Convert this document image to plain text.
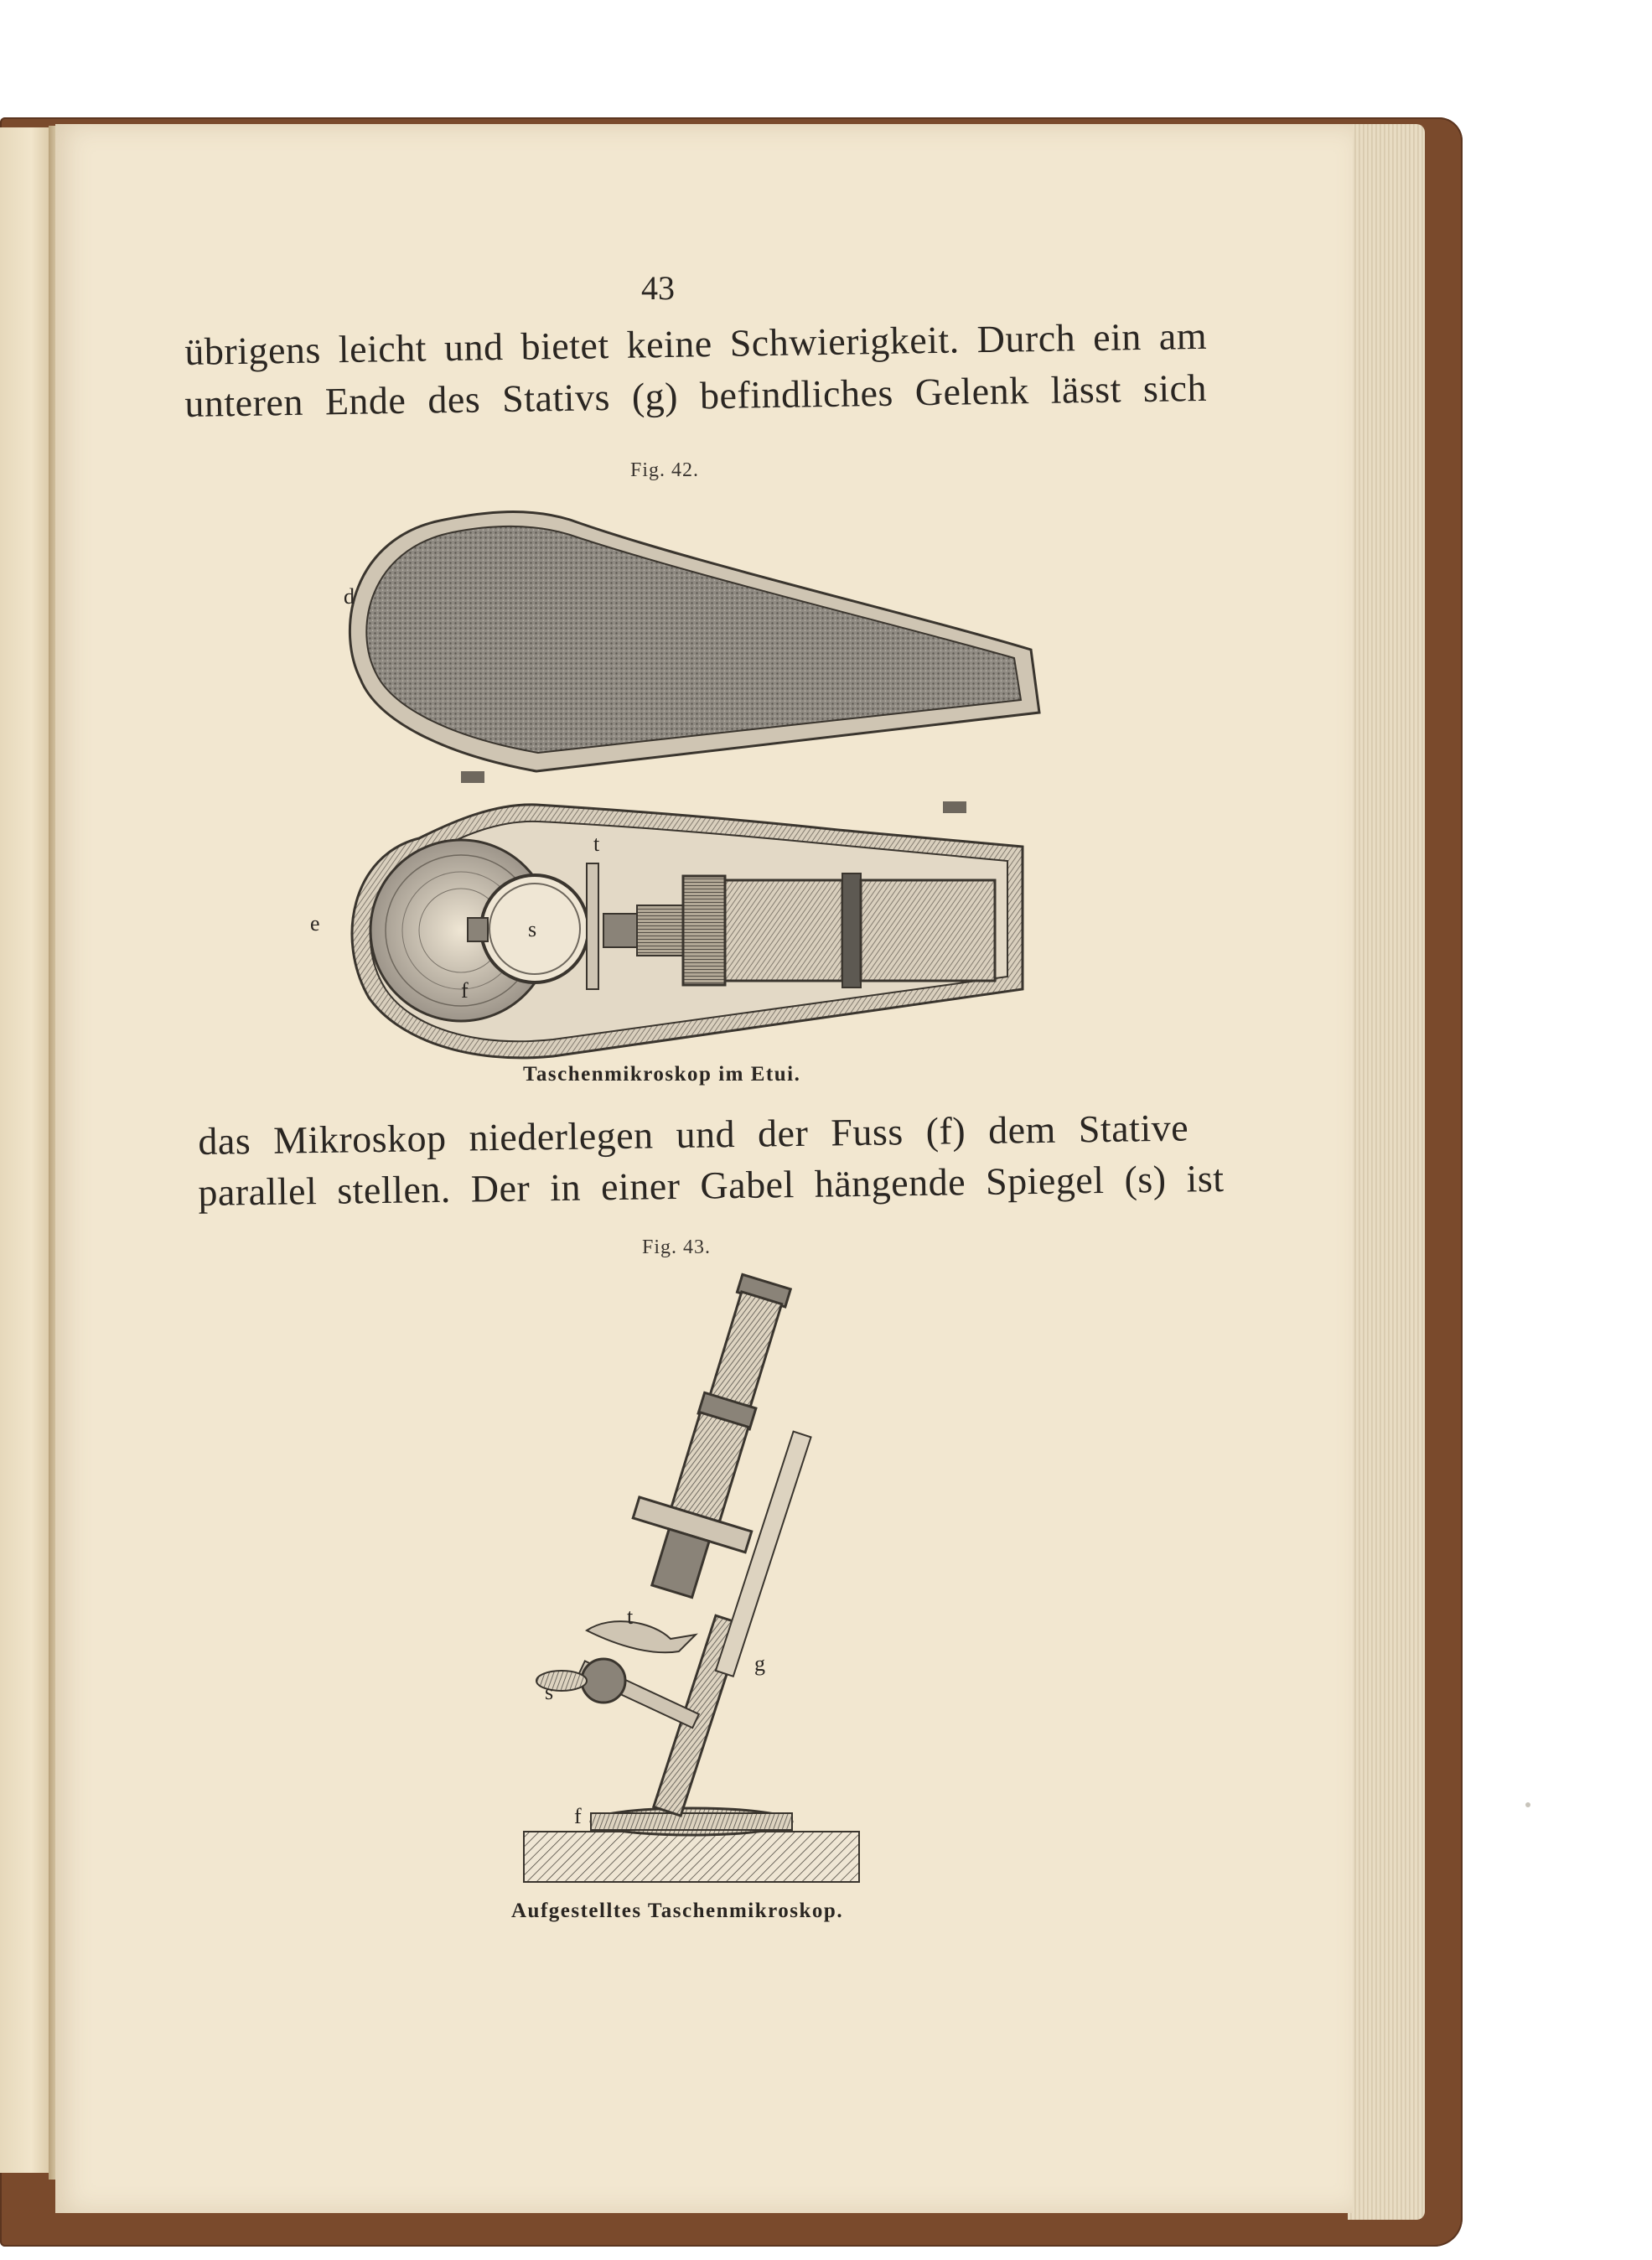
43
übrigens leicht und bietet keine Schwierigkeit. Durch ein am
unteren Ende des Stativs (g) befindliches Gelenk lässt sich
Fig. 42.
d
e
f
s
t
Taschenmikroskop im Etui.
das Mikroskop niederlegen und der Fuss (f) dem Stative
parallel stellen. Der in einer Gabel hängende Spiegel (s) ist
Fig. 43.
t
g
s
f
Aufgestelltes Taschenmikroskop.
